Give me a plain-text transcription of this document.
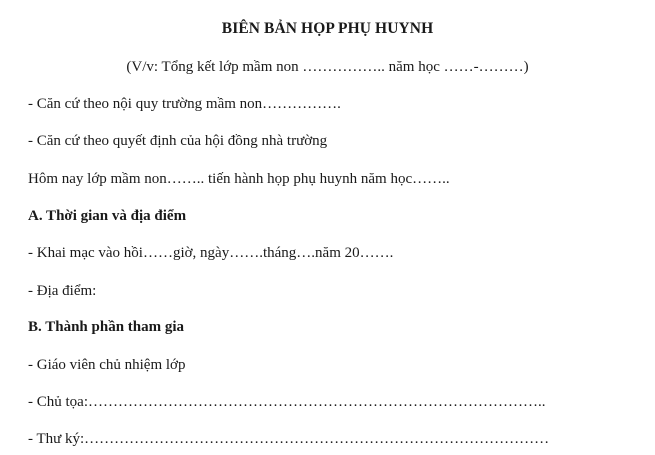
BIÊN BẢN HỌP PHỤ HUYNH
(V/v: Tổng kết lớp mầm non …………….. năm học ……-………)
- Căn cứ theo nội quy trường mầm non…………….
- Căn cứ theo quyết định của hội đồng nhà trường
Hôm nay lớp mầm non…….. tiến hành họp phụ huynh năm học……..
A. Thời gian và địa điểm
- Khai mạc vào hồi……giờ, ngày…….tháng….năm 20…….
- Địa điểm:
B. Thành phần tham gia
- Giáo viên chủ nhiệm lớp
- Chủ tọa:………………………………………………………………………………..
- Thư ký:…………………………………………………………………………………
